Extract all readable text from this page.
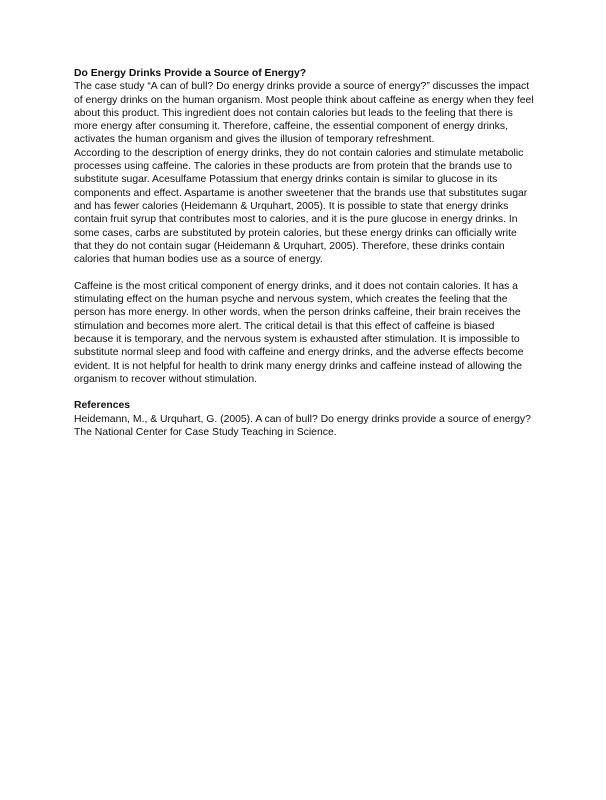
Do Energy Drinks Provide a Source of Energy?

The case study “A can of bull? Do energy drinks provide a source of energy?” discusses the impact of energy drinks on the human organism. Most people think about caffeine as energy when they feel about this product. This ingredient does not contain calories but leads to the feeling that there is more energy after consuming it. Therefore, caffeine, the essential component of energy drinks, activates the human organism and gives the illusion of temporary refreshment.

According to the description of energy drinks, they do not contain calories and stimulate metabolic processes using caffeine. The calories in these products are from protein that the brands use to substitute sugar. Acesulfame Potassium that energy drinks contain is similar to glucose in its components and effect. Aspartame is another sweetener that the brands use that substitutes sugar and has fewer calories (Heidemann & Urquhart, 2005). It is possible to state that energy drinks contain fruit syrup that contributes most to calories, and it is the pure glucose in energy drinks. In some cases, carbs are substituted by protein calories, but these energy drinks can officially write that they do not contain sugar (Heidemann & Urquhart, 2005). Therefore, these drinks contain calories that human bodies use as a source of energy.

Caffeine is the most critical component of energy drinks, and it does not contain calories. It has a stimulating effect on the human psyche and nervous system, which creates the feeling that the person has more energy. In other words, when the person drinks caffeine, their brain receives the stimulation and becomes more alert. The critical detail is that this effect of caffeine is biased because it is temporary, and the nervous system is exhausted after stimulation. It is impossible to substitute normal sleep and food with caffeine and energy drinks, and the adverse effects become evident. It is not helpful for health to drink many energy drinks and caffeine instead of allowing the organism to recover without stimulation.

References

Heidemann, M., & Urquhart, G. (2005). A can of bull? Do energy drinks provide a source of energy? The National Center for Case Study Teaching in Science.
